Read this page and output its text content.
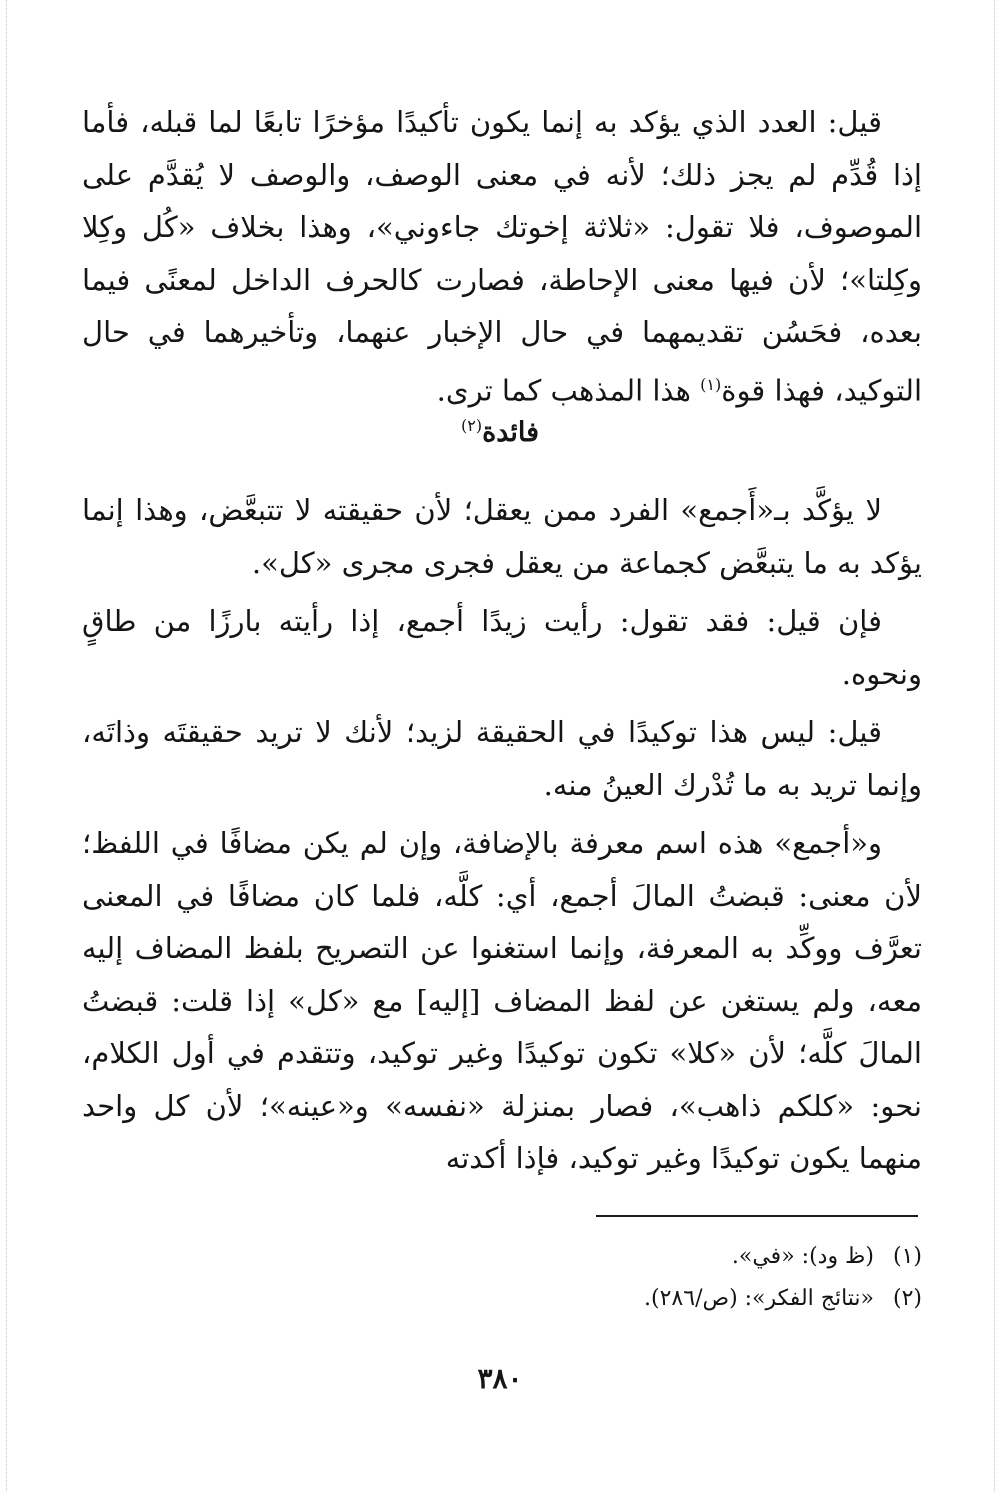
قيل: العدد الذي يؤكد به إنما يكون تأكيدًا مؤخرًا تابعًا لما قبله، فأما إذا قُدِّم لم يجز ذلك؛ لأنه في معنى الوصف، والوصف لا يُقدَّم على الموصوف، فلا تقول: «ثلاثة إخوتك جاءوني»، وهذا بخلاف «كُل وكِلا وكِلتا»؛ لأن فيها معنى الإحاطة، فصارت كالحرف الداخل لمعنًى فيما بعده، فحَسُن تقديمهما في حال الإخبار عنهما، وتأخيرهما في حال التوكيد، فهذا قوة$^{(١)}$ هذا المذهب كما ترى.

فائدة$^{(٢)}$

لا يؤكَّد بـ«أَجمع» الفرد ممن يعقل؛ لأن حقيقته لا تتبعَّض، وهذا إنما يؤكد به ما يتبعَّض كجماعة من يعقل فجرى مجرى «كل».

فإن قيل: فقد تقول: رأيت زيدًا أجمع، إذا رأيته بارزًا من طاقٍ ونحوه.

قيل: ليس هذا توكيدًا في الحقيقة لزيد؛ لأنك لا تريد حقيقتَه وذاتَه، وإنما تريد به ما تُدْرك العينُ منه.

و«أجمع» هذه اسم معرفة بالإضافة، وإن لم يكن مضافًا في اللفظ؛ لأن معنى: قبضتُ المالَ أجمع، أي: كلَّه، فلما كان مضافًا في المعنى تعرَّف ووكِّد به المعرفة، وإنما استغنوا عن التصريح بلفظ المضاف إليه معه، ولم يستغن عن لفظ المضاف [إليه] مع «كل» إذا قلت: قبضتُ المالَ كلَّه؛ لأن «كلا» تكون توكيدًا وغير توكيد، وتتقدم في أول الكلام، نحو: «كلكم ذاهب»، فصار بمنزلة «نفسه» و«عينه»؛ لأن كل واحد منهما يكون توكيدًا وغير توكيد، فإذا أكدته

(١)(ظ ود): «في».

(٢)«نتائج الفكر»: (ص/٢٨٦).

٣٨٠
